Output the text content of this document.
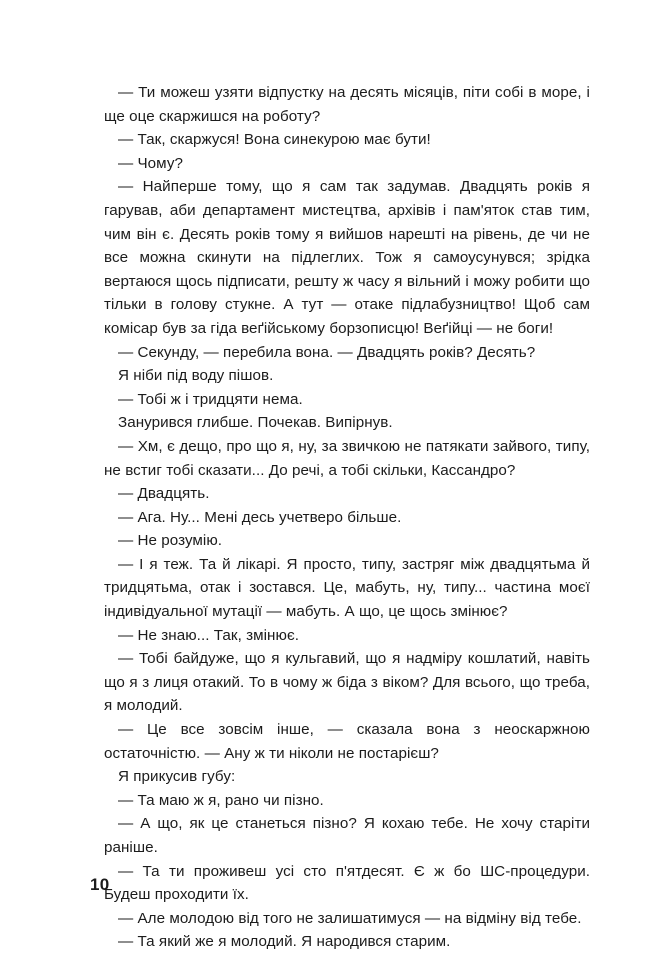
— Ти можеш узяти відпустку на десять місяців, піти собі в море, і ще оце скаржишся на роботу?

— Так, скаржуся! Вона синекурою має бути!

— Чому?

— Найперше тому, що я сам так задумав. Двадцять років я гарував, аби департамент мистецтва, архівів і пам'яток став тим, чим він є. Десять років тому я вийшов нарешті на рівень, де чи не все можна скинути на підлеглих. Тож я самоусунувся; зрідка вертаюся щось підписати, решту ж часу я вільний і можу робити що тільки в голову стукне. А тут — отаке підлабузництво! Щоб сам комісар був за гіда веґійському борзописцю! Веґійці — не боги!

— Секунду, — перебила вона. — Двадцять років? Десять?

Я ніби під воду пішов.

— Тобі ж і тридцяти нема.

Занурився глибше. Почекав. Випірнув.

— Хм, є дещо, про що я, ну, за звичкою не патякати зайвого, типу, не встиг тобі сказати... До речі, а тобі скільки, Кассандро?

— Двадцять.

— Ага. Ну... Мені десь учетверо більше.

— Не розумію.

— І я теж. Та й лікарі. Я просто, типу, застряг між двадцятьма й тридцятьма, отак і зостався. Це, мабуть, ну, типу... частина моєї індивідуальної мутації — мабуть. А що, це щось змінює?

— Не знаю... Так, змінює.

— Тобі байдуже, що я кульгавий, що я надміру кошлатий, навіть що я з лиця отакий. То в чому ж біда з віком? Для всього, що треба, я молодий.

— Це все зовсім інше, — сказала вона з неоскаржною остаточністю. — Ану ж ти ніколи не постарієш?

Я прикусив губу:

— Та маю ж я, рано чи пізно.

— А що, як це станеться пізно? Я кохаю тебе. Не хочу старіти раніше.

— Та ти проживеш усі сто п'ятдесят. Є ж бо ШС-процедури. Будеш проходити їх.

— Але молодою від того не залишатимуся — на відміну від тебе.

— Та який же я молодий. Я народився старим.

10
